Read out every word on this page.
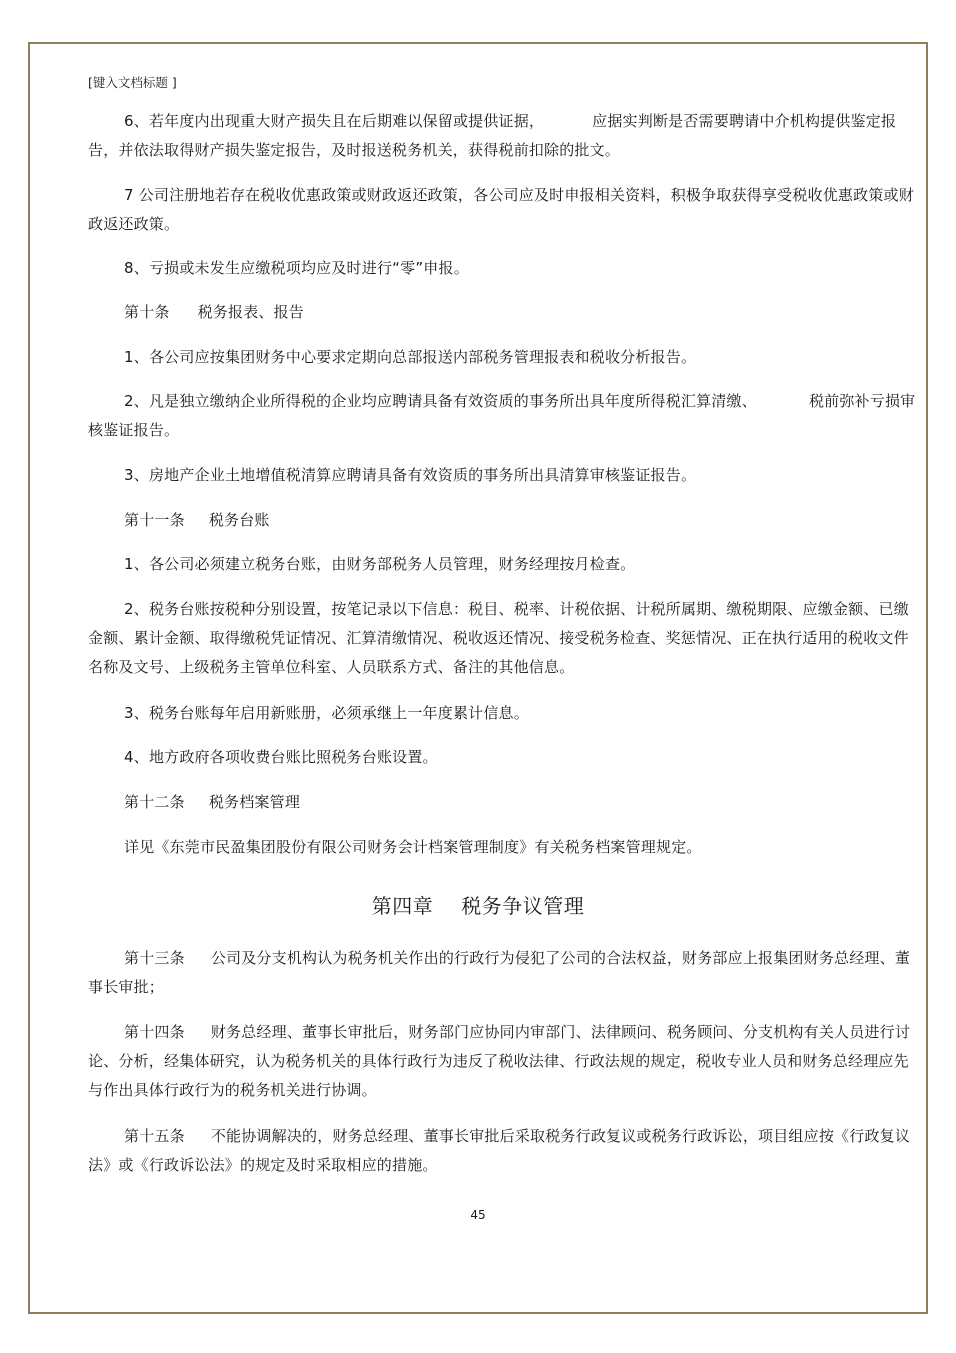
[键入文档标题 ]
6、若年度内出现重大财产损失且在后期难以保留或提供证据，	应据实判断是否需要聘请中介机构提供鉴定报告，并依法取得财产损失鉴定报告，及时报送税务机关，获得税前扣除的批文。
7 公司注册地若存在税收优惠政策或财政返还政策，各公司应及时申报相关资料，积极争取获得享受税收优惠政策或财政返还政策。
8、亏损或未发生应缴税项均应及时进行“零”申报。
第十条 税务报表、报告
1、各公司应按集团财务中心要求定期向总部报送内部税务管理报表和税收分析报告。
2、凡是独立缴纳企业所得税的企业均应聘请具备有效资质的事务所出具年度所得税汇算清缴、	税前弥补亏损审核鉴证报告。
3、房地产企业土地增值税清算应聘请具备有效资质的事务所出具清算审核鉴证报告。
第十一条 税务台账
1、各公司必须建立税务台账，由财务部税务人员管理，财务经理按月检查。
2、税务台账按税种分别设置，按笔记录以下信息：税目、税率、计税依据、计税所属期、缴税期限、应缴金额、已缴金额、累计金额、取得缴税凭证情况、汇算清缴情况、税收返还情况、接受税务检查、奖惩情况、正在执行适用的税收文件名称及文号、上级税务主管单位科室、人员联系方式、备注的其他信息。
3、税务台账每年启用新账册，必须承继上一年度累计信息。
4、地方政府各项收费台账比照税务台账设置。
第十二条 税务档案管理
详见《东莞市民盈集团股份有限公司财务会计档案管理制度》有关税务档案管理规定。
第四章 税务争议管理
第十三条 公司及分支机构认为税务机关作出的行政行为侵犯了公司的合法权益，财务部应上报集团财务总经理、董事长审批；
第十四条 财务总经理、董事长审批后，财务部门应协同内审部门、法律顾问、税务顾问、分支机构有关人员进行讨论、分析，经集体研究，认为税务机关的具体行政行为违反了税收法律、行政法规的规定，税收专业人员和财务总经理应先与作出具体行政行为的税务机关进行协调。
第十五条 不能协调解决的，财务总经理、董事长审批后采取税务行政复议或税务行政诉讼，项目组应按《行政复议法》或《行政诉讼法》的规定及时采取相应的措施。
45
